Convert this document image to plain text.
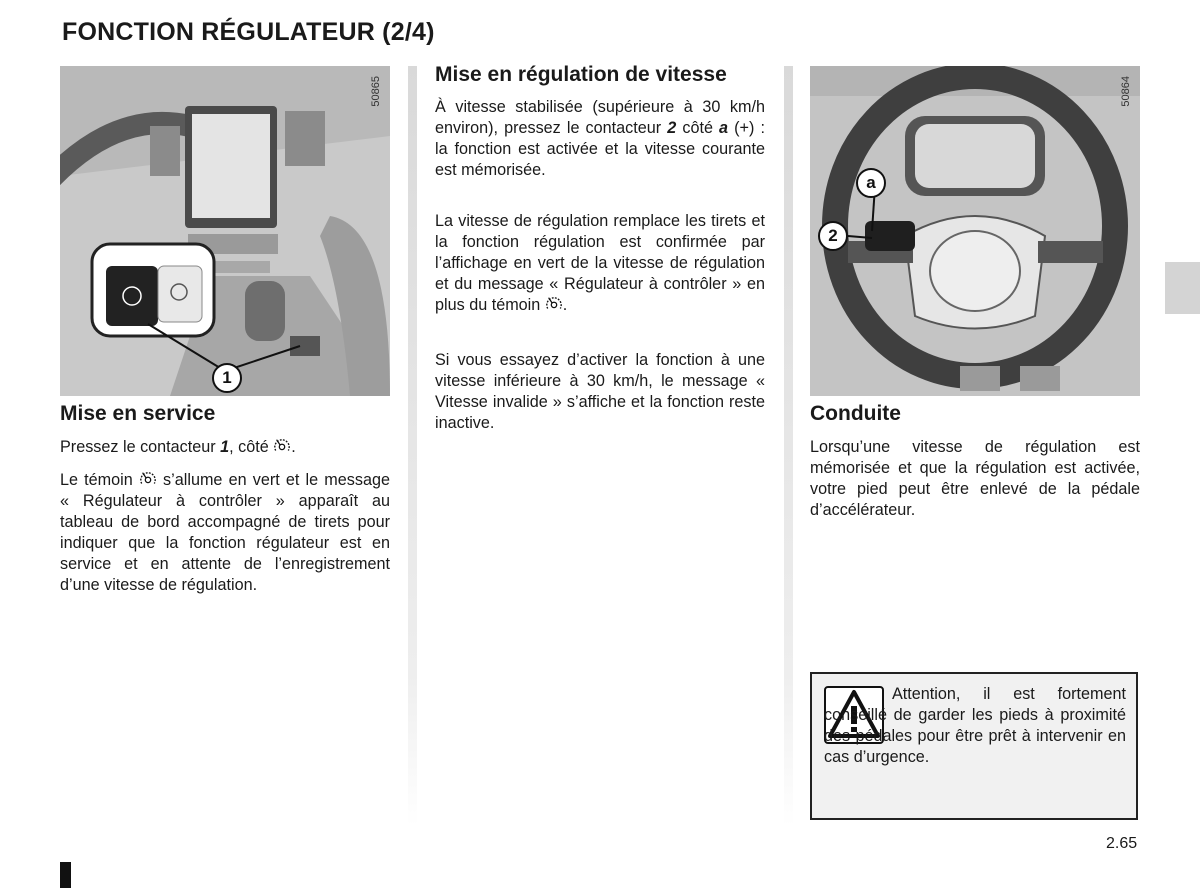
FONCTION RÉGULATEUR (2/4)
50865
1
Mise en service

Pressez le contacteur 1, côté .

Le témoin  s’allume en vert et le message « Régulateur à contrôler » apparaît au tableau de bord accompagné de tirets pour indiquer que la fonction régulateur est en service et en attente de l’enregistrement d’une vitesse de régulation.

Mise en régulation de vitesse

À vitesse stabilisée (supérieure à 30 km/h environ), pressez le contacteur 2 côté a (+) : la fonction est activée et la vitesse courante est mémorisée.

La vitesse de régulation remplace les tirets et la fonction régulation est confirmée par l’affichage en vert de la vitesse de régulation et du message « Régulateur à contrôler » en plus du témoin .

Si vous essayez d’activer la fonction à une vitesse inférieure à 30 km/h, le message « Vitesse invalide » s’affiche et la fonction reste inactive.

50864
a
2
Conduite

Lorsqu’une vitesse de régulation est mémorisée et que la régulation est activée, votre pied peut être enlevé de la pédale d’accélérateur.

Attention, il est fortement conseillé de garder les pieds à proximité des pédales pour être prêt à intervenir en cas d’urgence.

2.65
